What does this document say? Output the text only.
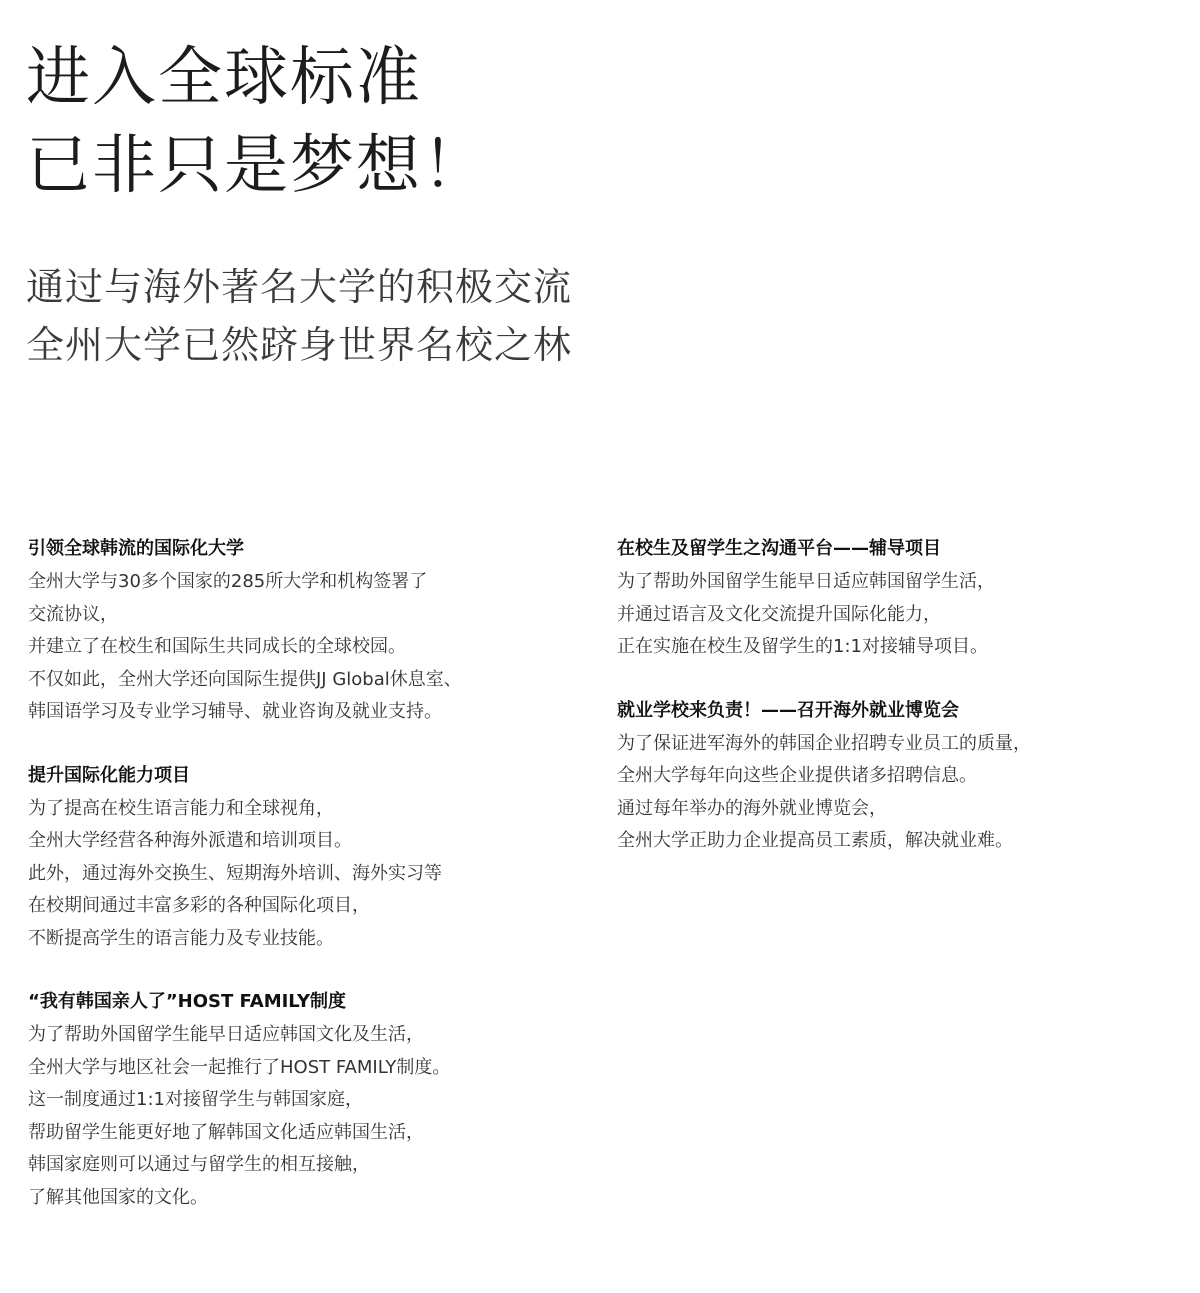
进入全球标准
已非只是梦想！
通过与海外著名大学的积极交流
全州大学已然跻身世界名校之林
引领全球韩流的国际化大学
全州大学与30多个国家的285所大学和机构签署了
交流协议，
并建立了在校生和国际生共同成长的全球校园。
不仅如此，全州大学还向国际生提供JJ Global休息室、
韩国语学习及专业学习辅导、就业咨询及就业支持。
提升国际化能力项目
为了提高在校生语言能力和全球视角，
全州大学经营各种海外派遣和培训项目。
此外，通过海外交换生、短期海外培训、海外实习等
在校期间通过丰富多彩的各种国际化项目，
不断提高学生的语言能力及专业技能。
“我有韩国亲人了”HOST FAMILY制度
为了帮助外国留学生能早日适应韩国文化及生活，
全州大学与地区社会一起推行了HOST FAMILY制度。
这一制度通过1:1对接留学生与韩国家庭，
帮助留学生能更好地了解韩国文化适应韩国生活，
韩国家庭则可以通过与留学生的相互接触，
了解其他国家的文化。
在校生及留学生之沟通平台——辅导项目
为了帮助外国留学生能早日适应韩国留学生活，
并通过语言及文化交流提升国际化能力，
正在实施在校生及留学生的1:1对接辅导项目。
就业学校来负责！——召开海外就业博览会
为了保证进军海外的韩国企业招聘专业员工的质量，
全州大学每年向这些企业提供诸多招聘信息。
通过每年举办的海外就业博览会，
全州大学正助力企业提高员工素质，解决就业难。
